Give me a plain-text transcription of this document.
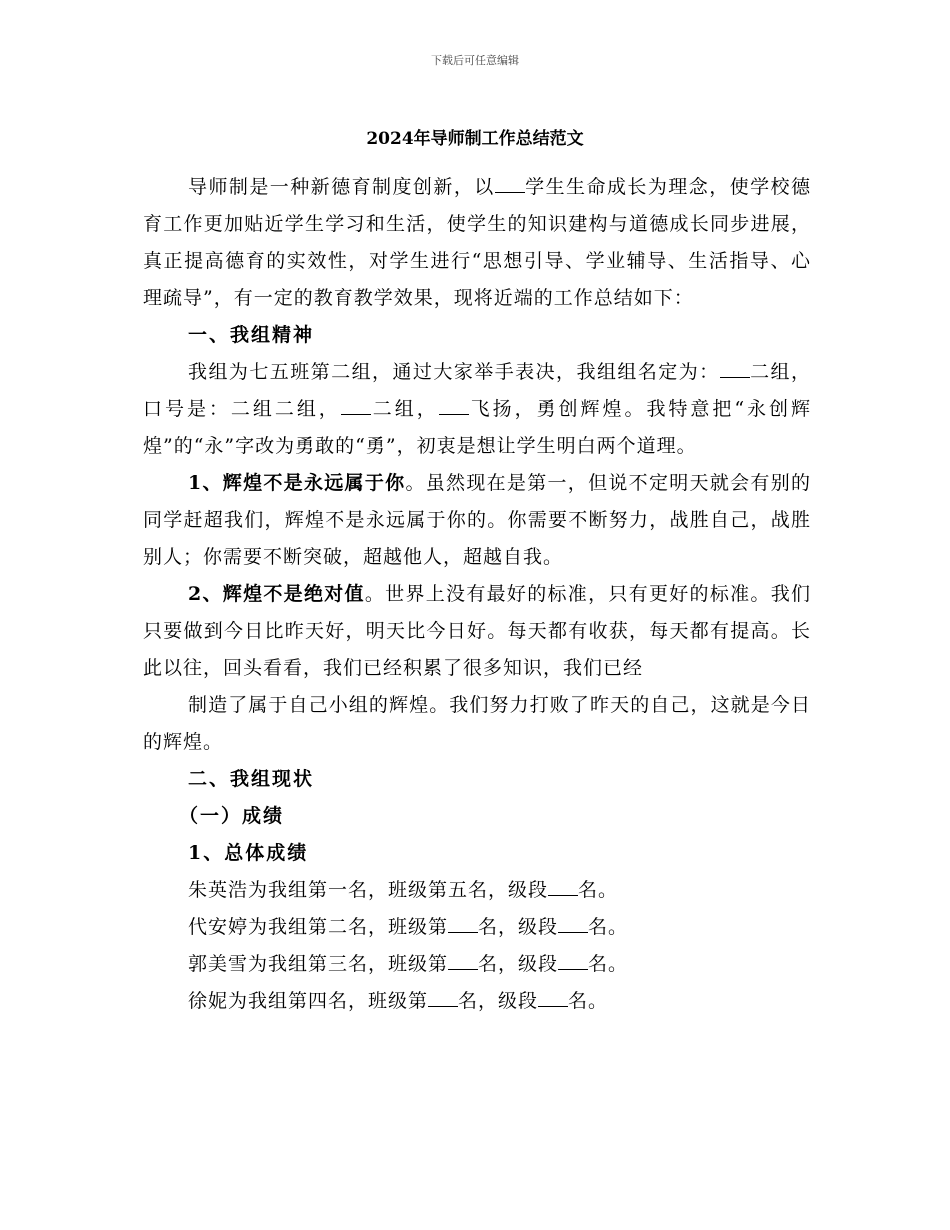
下载后可任意编辑
2024年导师制工作总结范文

导师制是一种新德育制度创新，以 学生生命成长为理念，使学校德育工作更加贴近学生学习和生活，使学生的知识建构与道德成长同步进展，真正提高德育的实效性，对学生进行“思想引导、学业辅导、生活指导、心理疏导”，有一定的教育教学效果，现将近端的工作总结如下：

一、我组精神

我组为七五班第二组，通过大家举手表决，我组组名定为： 二组，口号是：二组二组， 二组， 飞扬，勇创辉煌。我特意把“永创辉煌”的“永”字改为勇敢的“勇”，初衷是想让学生明白两个道理。

1、辉煌不是永远属于你。虽然现在是第一，但说不定明天就会有别的同学赶超我们，辉煌不是永远属于你的。你需要不断努力，战胜自己，战胜别人；你需要不断突破，超越他人，超越自我。

2、辉煌不是绝对值。世界上没有最好的标准，只有更好的标准。我们只要做到今日比昨天好，明天比今日好。每天都有收获，每天都有提高。长此以往，回头看看，我们已经积累了很多知识，我们已经

制造了属于自己小组的辉煌。我们努力打败了昨天的自己，这就是今日的辉煌。

二、我组现状

（一）成绩

1、总体成绩

朱英浩为我组第一名，班级第五名，级段 名。

代安婷为我组第二名，班级第 名，级段 名。

郭美雪为我组第三名，班级第 名，级段 名。

徐妮为我组第四名，班级第 名，级段 名。
